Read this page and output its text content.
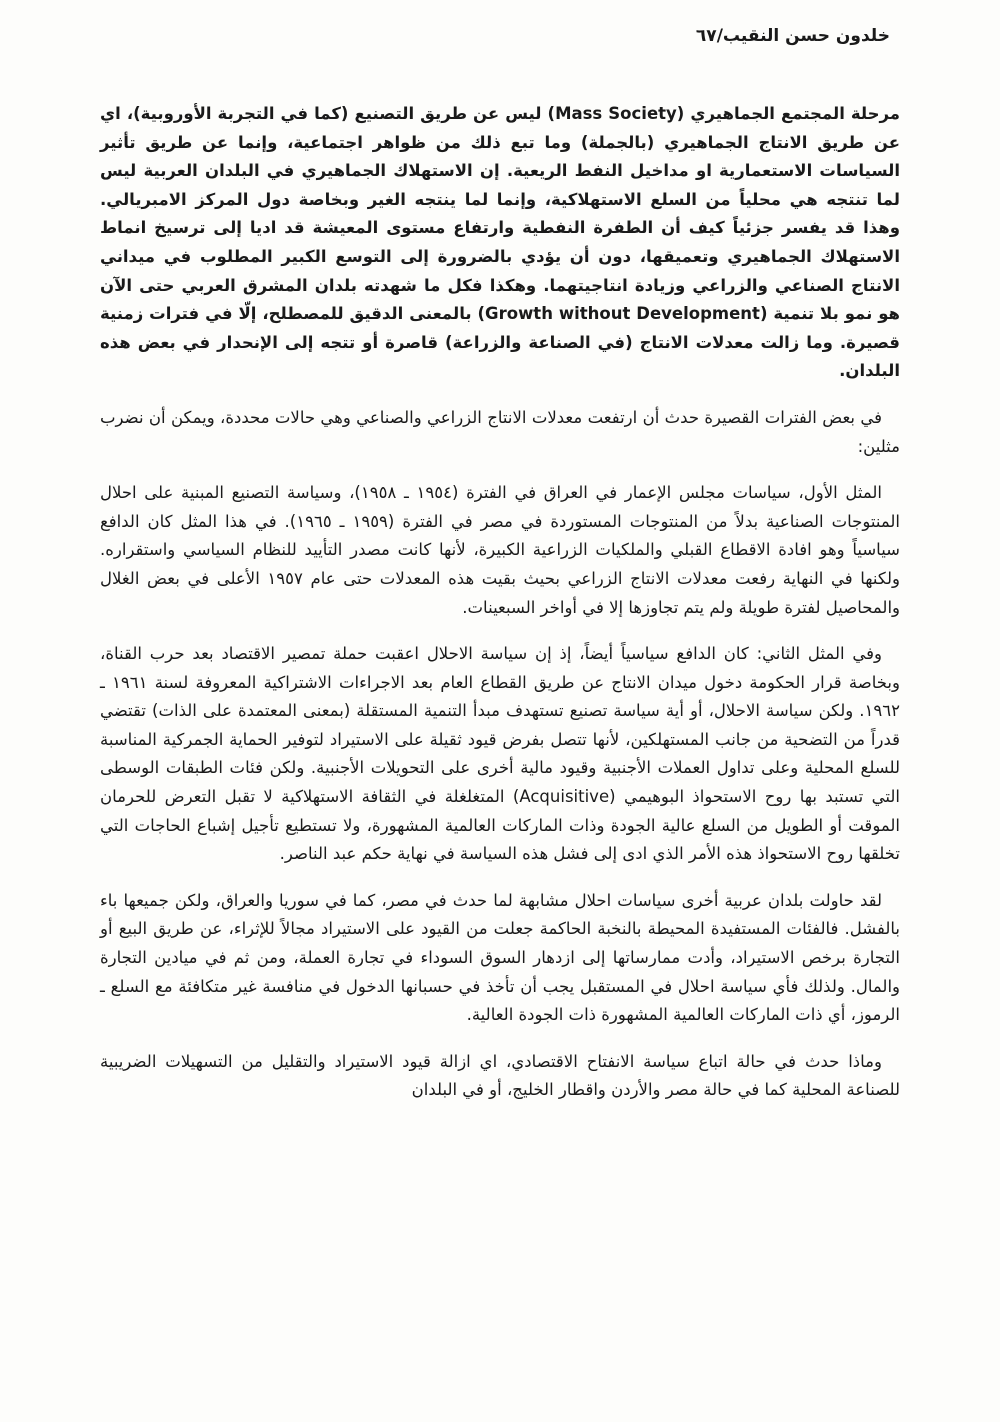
خلدون حسن النقيب/٦٧

مرحلة المجتمع الجماهيري (Mass Society) ليس عن طريق التصنيع (كما في التجربة الأوروبية)، اي عن طريق الانتاج الجماهيري (بالجملة) وما تبع ذلك من ظواهر اجتماعية، وإنما عن طريق تأثير السياسات الاستعمارية او مداخيل النفط الريعية. إن الاستهلاك الجماهيري في البلدان العربية ليس لما تنتجه هي محلياً من السلع الاستهلاكية، وإنما لما ينتجه الغير وبخاصة دول المركز الامبريالي. وهذا قد يفسر جزئياً كيف أن الطفرة النفطية وارتفاع مستوى المعيشة قد اديا إلى ترسيخ انماط الاستهلاك الجماهيري وتعميقها، دون أن يؤدي بالضرورة إلى التوسع الكبير المطلوب في ميداني الانتاج الصناعي والزراعي وزيادة انتاجيتهما. وهكذا فكل ما شهدته بلدان المشرق العربي حتى الآن هو نمو بلا تنمية (Growth without Development) بالمعنى الدقيق للمصطلح، إلّا في فترات زمنية قصيرة. وما زالت معدلات الانتاج (في الصناعة والزراعة) قاصرة أو تتجه إلى الإنحدار في بعض هذه البلدان.

في بعض الفترات القصيرة حدث أن ارتفعت معدلات الانتاج الزراعي والصناعي وهي حالات محددة، ويمكن أن نضرب مثلين:

المثل الأول، سياسات مجلس الإعمار في العراق في الفترة (١٩٥٤ ـ ١٩٥٨)، وسياسة التصنيع المبنية على احلال المنتوجات الصناعية بدلاً من المنتوجات المستوردة في مصر في الفترة (١٩٥٩ ـ ١٩٦٥). في هذا المثل كان الدافع سياسياً وهو افادة الاقطاع القبلي والملكيات الزراعية الكبيرة، لأنها كانت مصدر التأييد للنظام السياسي واستقراره. ولكنها في النهاية رفعت معدلات الانتاج الزراعي بحيث بقيت هذه المعدلات حتى عام ١٩٥٧ الأعلى في بعض الغلال والمحاصيل لفترة طويلة ولم يتم تجاوزها إلا في أواخر السبعينات.

وفي المثل الثاني: كان الدافع سياسياً أيضاً، إذ إن سياسة الاحلال اعقبت حملة تمصير الاقتصاد بعد حرب القناة، وبخاصة قرار الحكومة دخول ميدان الانتاج عن طريق القطاع العام بعد الاجراءات الاشتراكية المعروفة لسنة ١٩٦١ ـ ١٩٦٢. ولكن سياسة الاحلال، أو أية سياسة تصنيع تستهدف مبدأ التنمية المستقلة (بمعنى المعتمدة على الذات) تقتضي قدراً من التضحية من جانب المستهلكين، لأنها تتصل بفرض قيود ثقيلة على الاستيراد لتوفير الحماية الجمركية المناسبة للسلع المحلية وعلى تداول العملات الأجنبية وقيود مالية أخرى على التحويلات الأجنبية. ولكن فئات الطبقات الوسطى التي تستبد بها روح الاستحواذ البوهيمي (Acquisitive) المتغلغلة في الثقافة الاستهلاكية لا تقبل التعرض للحرمان الموقت أو الطويل من السلع عالية الجودة وذات الماركات العالمية المشهورة، ولا تستطيع تأجيل إشباع الحاجات التي تخلقها روح الاستحواذ هذه الأمر الذي ادى إلى فشل هذه السياسة في نهاية حكم عبد الناصر.

لقد حاولت بلدان عربية أخرى سياسات احلال مشابهة لما حدث في مصر، كما في سوريا والعراق، ولكن جميعها باء بالفشل. فالفئات المستفيدة المحيطة بالنخبة الحاكمة جعلت من القيود على الاستيراد مجالاً للإثراء، عن طريق البيع أو التجارة برخص الاستيراد، وأدت ممارساتها إلى ازدهار السوق السوداء في تجارة العملة، ومن ثم في ميادين التجارة والمال. ولذلك فأي سياسة احلال في المستقبل يجب أن تأخذ في حسبانها الدخول في منافسة غير متكافئة مع السلع ـ الرموز، أي ذات الماركات العالمية المشهورة ذات الجودة العالية.

وماذا حدث في حالة اتباع سياسة الانفتاح الاقتصادي، اي ازالة قيود الاستيراد والتقليل من التسهيلات الضريبية للصناعة المحلية كما في حالة مصر والأردن واقطار الخليج، أو في البلدان
